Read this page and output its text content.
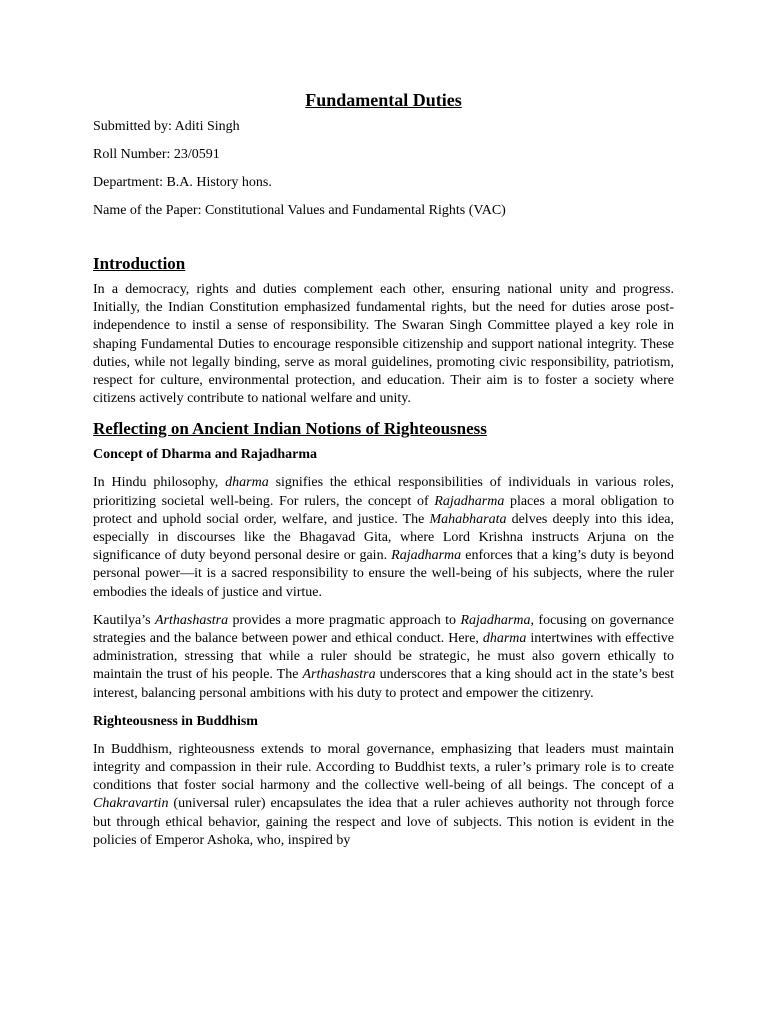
Fundamental Duties

Submitted by: Aditi Singh

Roll Number: 23/0591

Department: B.A. History hons.

Name of the Paper: Constitutional Values and Fundamental Rights (VAC)

Introduction

In a democracy, rights and duties complement each other, ensuring national unity and progress. Initially, the Indian Constitution emphasized fundamental rights, but the need for duties arose post-independence to instil a sense of responsibility. The Swaran Singh Committee played a key role in shaping Fundamental Duties to encourage responsible citizenship and support national integrity. These duties, while not legally binding, serve as moral guidelines, promoting civic responsibility, patriotism, respect for culture, environmental protection, and education. Their aim is to foster a society where citizens actively contribute to national welfare and unity.

Reflecting on Ancient Indian Notions of Righteousness
Concept of Dharma and Rajadharma

In Hindu philosophy, dharma signifies the ethical responsibilities of individuals in various roles, prioritizing societal well-being. For rulers, the concept of Rajadharma places a moral obligation to protect and uphold social order, welfare, and justice. The Mahabharata delves deeply into this idea, especially in discourses like the Bhagavad Gita, where Lord Krishna instructs Arjuna on the significance of duty beyond personal desire or gain. Rajadharma enforces that a king’s duty is beyond personal power—it is a sacred responsibility to ensure the well-being of his subjects, where the ruler embodies the ideals of justice and virtue.

Kautilya’s Arthashastra provides a more pragmatic approach to Rajadharma, focusing on governance strategies and the balance between power and ethical conduct. Here, dharma intertwines with effective administration, stressing that while a ruler should be strategic, he must also govern ethically to maintain the trust of his people. The Arthashastra underscores that a king should act in the state’s best interest, balancing personal ambitions with his duty to protect and empower the citizenry.

Righteousness in Buddhism

In Buddhism, righteousness extends to moral governance, emphasizing that leaders must maintain integrity and compassion in their rule. According to Buddhist texts, a ruler’s primary role is to create conditions that foster social harmony and the collective well-being of all beings. The concept of a Chakravartin (universal ruler) encapsulates the idea that a ruler achieves authority not through force but through ethical behavior, gaining the respect and love of subjects. This notion is evident in the policies of Emperor Ashoka, who, inspired by
